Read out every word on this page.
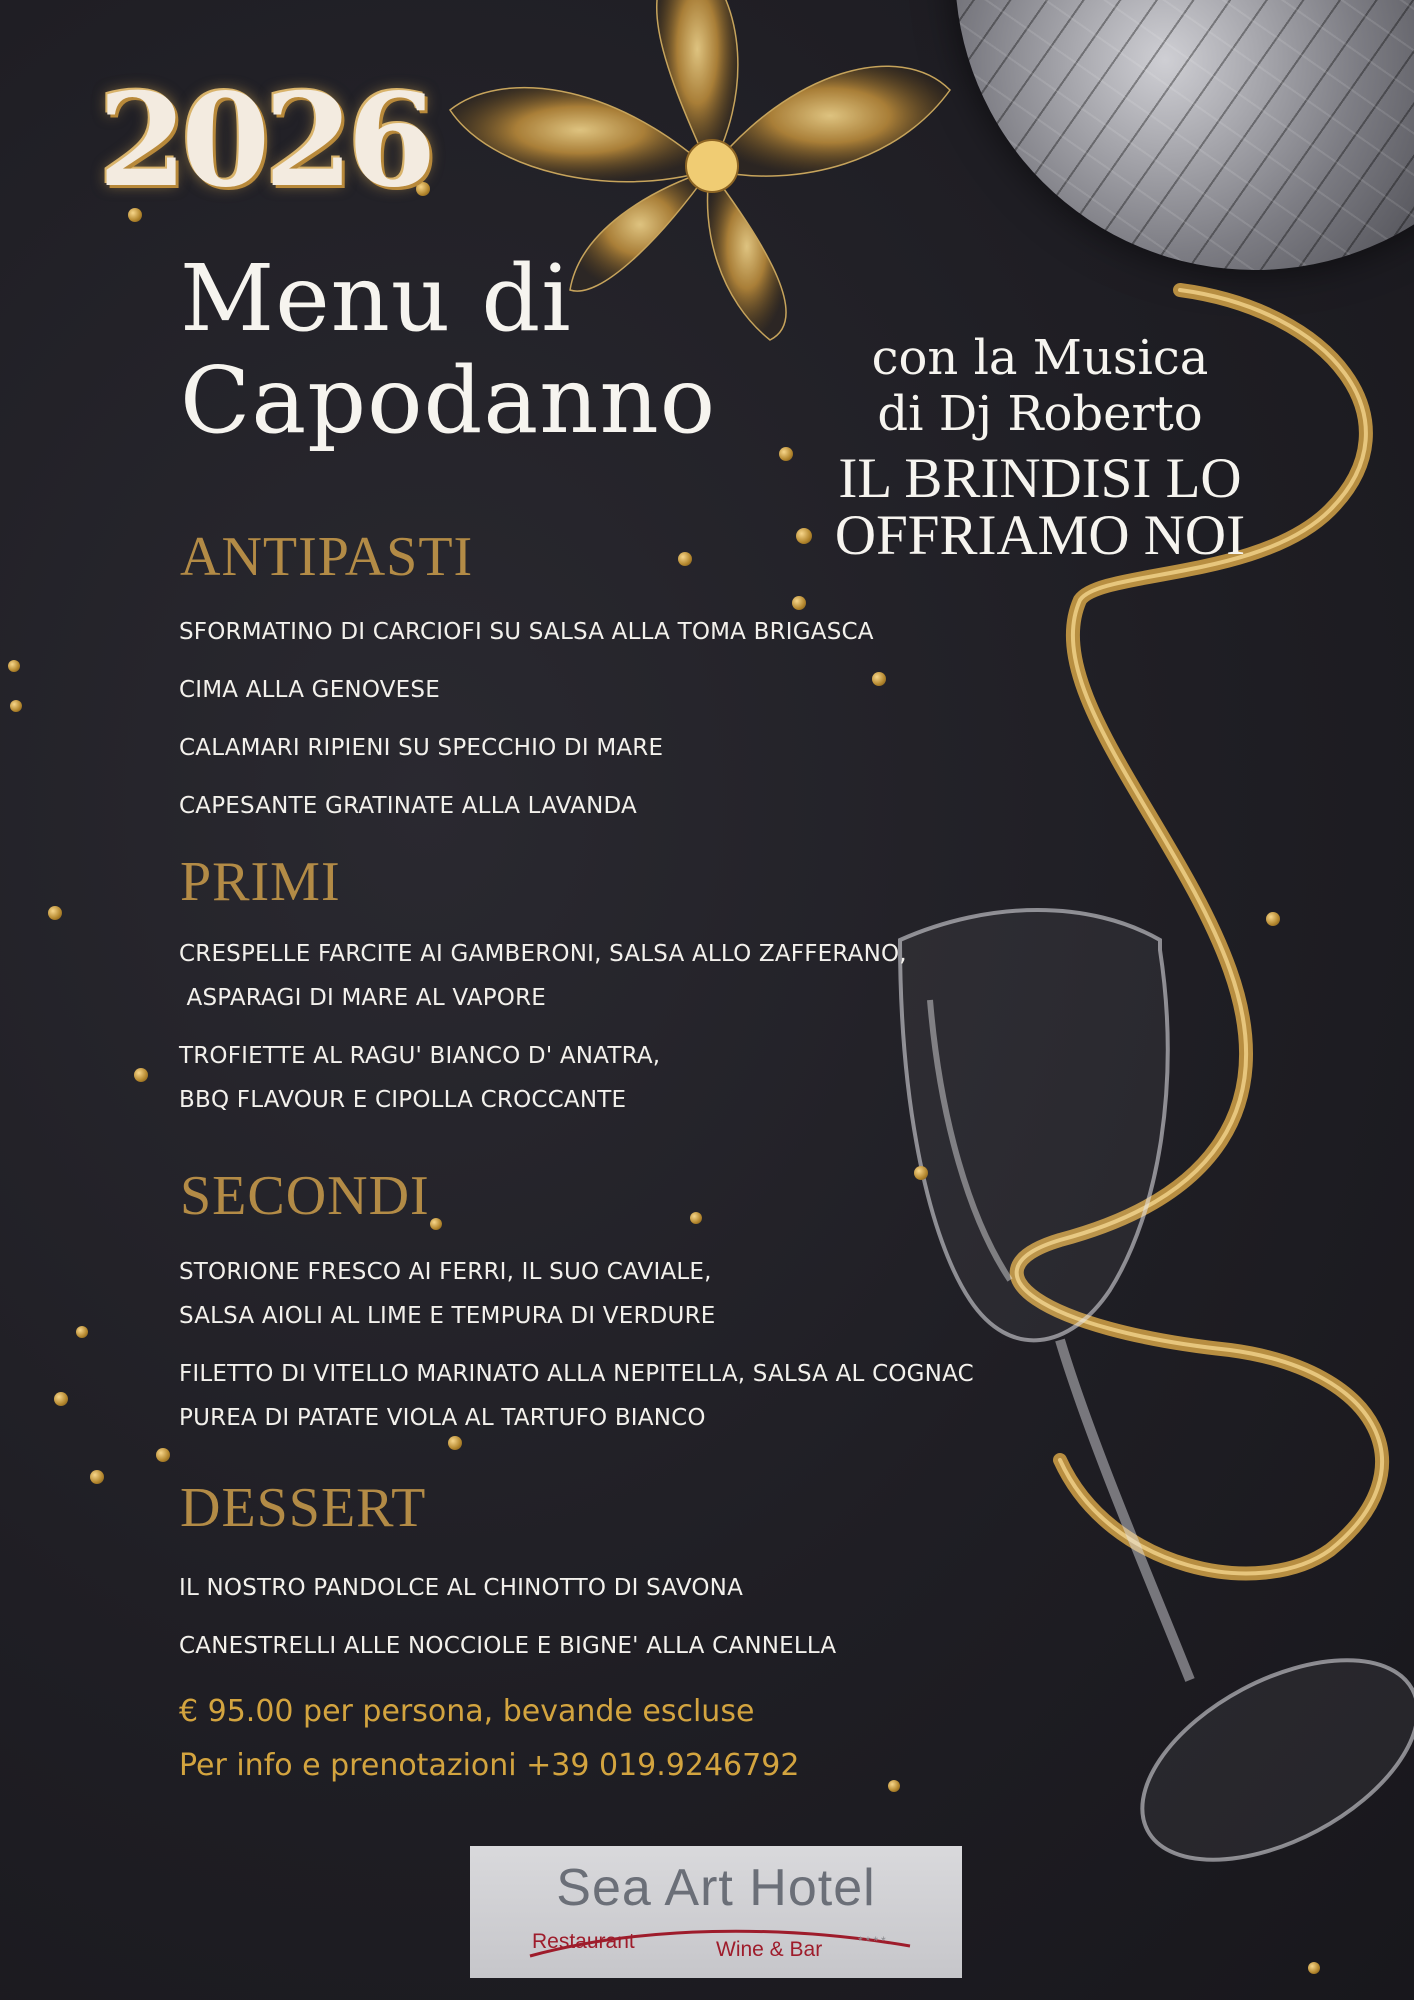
2026
Menu di
Capodanno	con la Musica
di Dj Roberto
IL BRINDISI LO
OFFRIAMO NOI
ANTIPASTI
SFORMATINO DI CARCIOFI SU SALSA ALLA TOMA BRIGASCA
CIMA ALLA GENOVESE
CALAMARI RIPIENI SU SPECCHIO DI MARE
CAPESANTE GRATINATE ALLA LAVANDA
PRIMI
CRESPELLE FARCITE AI GAMBERONI, SALSA ALLO ZAFFERANO,
ASPARAGI DI MARE AL VAPORE
TROFIETTE AL RAGU' BIANCO D' ANATRA,
BBQ FLAVOUR E CIPOLLA CROCCANTE
SECONDI
STORIONE FRESCO AI FERRI, IL SUO CAVIALE,
SALSA AIOLI AL LIME E TEMPURA DI VERDURE
FILETTO DI VITELLO MARINATO ALLA NEPITELLA, SALSA AL COGNAC
PUREA DI PATATE VIOLA AL TARTUFO BIANCO
DESSERT
IL NOSTRO PANDOLCE AL CHINOTTO DI SAVONA
CANESTRELLI ALLE NOCCIOLE E BIGNE' ALLA CANNELLA
€ 95.00 per persona, bevande escluse
Per info e prenotazioni +39 019.9246792
Sea Art Hotel
Restaurant	Wine & Bar	****
